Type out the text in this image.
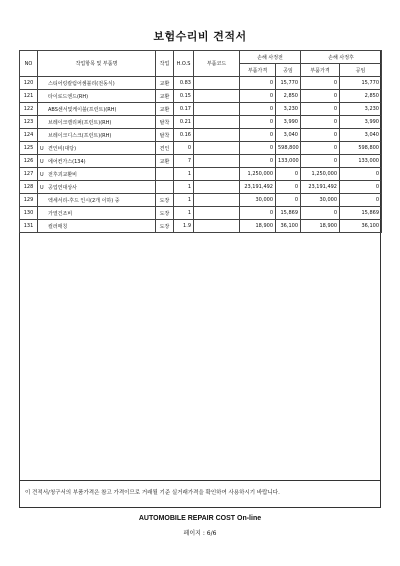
보험수리비 견적서
NO	작업항목 및 부품명	작업	H.O.S	부품코드	손해 사정전		손해 사정후	
					부품가격	공임	부품가격	공임
120	스티어링칼럼어셈블리(전동식)	교환	0.83		0	15,770	0	15,770
121	타이로드엔드(RH)	교환	0.15		0	2,850	0	2,850
122	ABS센서및케이블(프런트)(RH)	교환	0.17		0	3,230	0	3,230
123	브레이크캘리퍼(프런트)(RH)	탈착	0.21		0	3,990	0	3,990
124	브레이크디스크(프런트)(RH)	탈착	0.16		0	3,040	0	3,040
125	U 견인비(대당)	견인	0		0	598,800	0	598,800
126	U 에어컨가스(134)	교환	7		0	133,000	0	133,000
127	U 전후괴교환비		1		1,250,000	0	1,250,000	0
128	U 공업연대상사		1		23,191,492	0	23,191,492	0
129	엑세서리-후드 인시(2개 이하) 중	도장	1		30,000	0	30,000	0
130	가열건조비	도장	1		0	15,869	0	15,869
131	컬러매칭	도장	1.9		18,900	36,100	18,900	36,100
이 견적서/청구서의 부품가격은 참고 가격이므로 거래될 기준 실거래가격을 확인하여 사용하시기 바랍니다.
AUTOMOBILE REPAIR COST On-line
페이지 : 6/6
